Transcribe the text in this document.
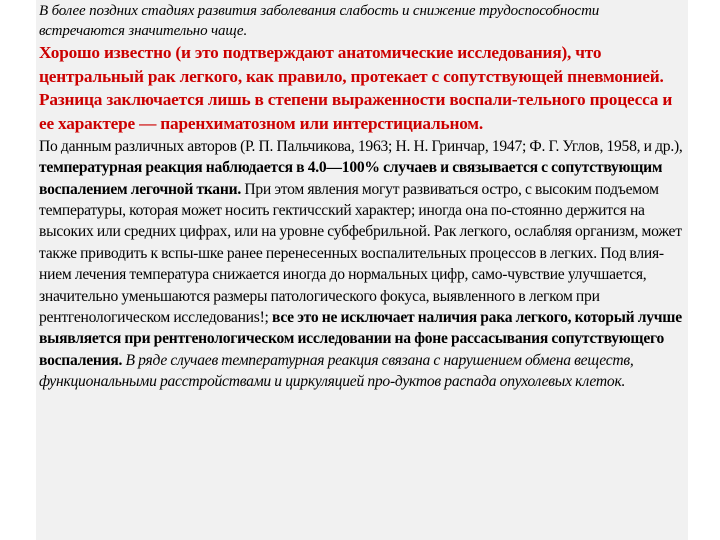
В более поздних стадиях развития заболевания слабость и снижение трудоспособности встречаются значительно чаще.

Хорошо известно (и это подтверждают анатомические исследования), что центральный рак легкого, как правило, протекает с сопутствующей пневмонией. Разница заключается лишь в степени выраженности воспали-тельного процесса и ее характере — паренхиматозном или интерстициальном.

По данным различных авторов (Р. П. Пальчикова, 1963; Н. Н. Гринчар, 1947; Ф. Г. Углов, 1958, и др.), температурная реакция наблюдается в 4.0—100% случаев и связывается с сопутствующим воспалением легочной ткани. При этом явления могут развиваться остро, с высоким подъемом температуры, которая может носить гектичсский характер; иногда она по-стоянно держится на высоких или средних цифрах, или на уровне субфебрильной. Рак легкого, ослабляя организм, может также приводить к вспы-шке ранее перенесенных воспалительных процессов в легких. Под влия-нием лечения температура снижается иногда до нормальных цифр, само-чувствие улучшается, значительно уменьшаются размеры патологического фокуса, выявленного в легком при рентгенологическом исследованиѕ!; все это не исключает наличия рака легкого, который лучше выявляется при рентгенологическом исследовании на фоне рассасывания сопутствующего воспаления. В ряде случаев температурная реакция связана с нарушением обмена веществ, функциональными расстройствами и циркуляцией про-дуктов распада опухолевых клеток.
